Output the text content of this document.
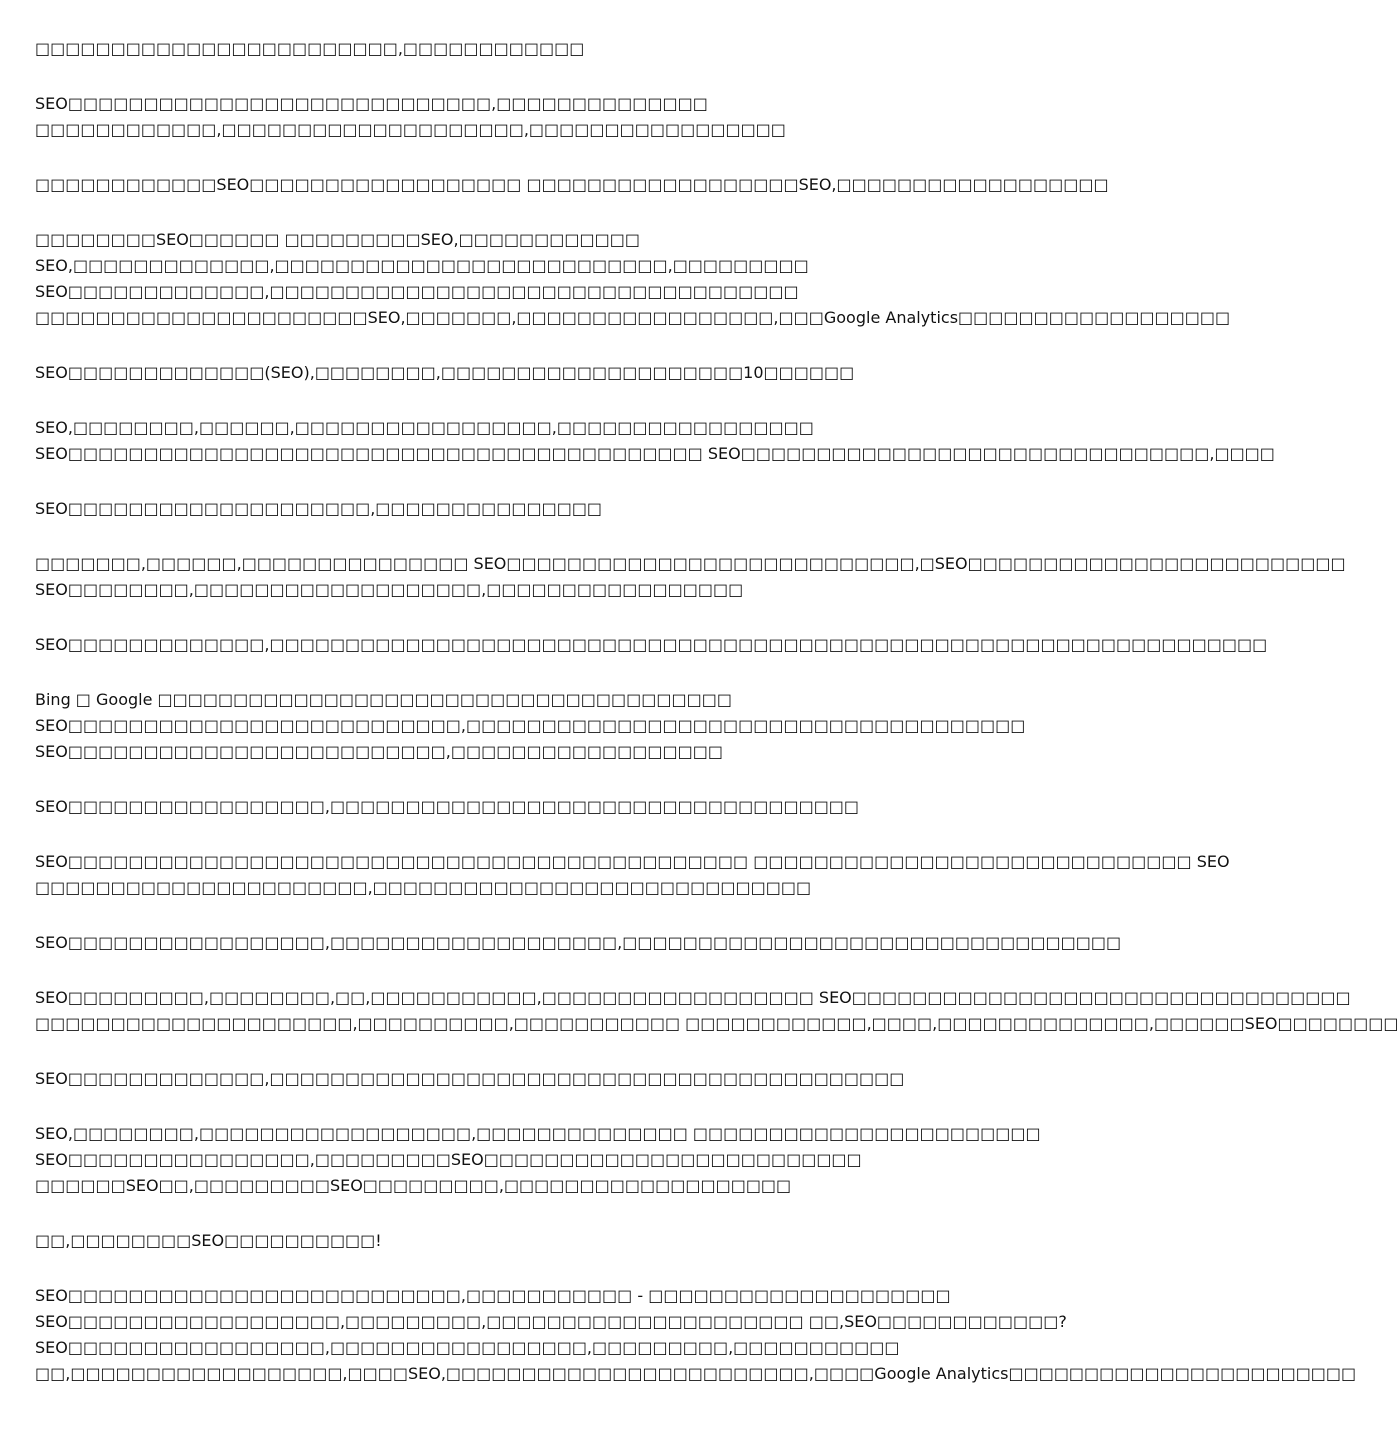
□□□□□□□□□□□□□□□□□□□□□□□□,□□□□□□□□□□□□
SEO□□□□□□□□□□□□□□□□□□□□□□□□□□□□,□□□□□□□□□□□□□□
□□□□□□□□□□□□,□□□□□□□□□□□□□□□□□□□□,□□□□□□□□□□□□□□□□□
□□□□□□□□□□□□SEO□□□□□□□□□□□□□□□□□□ □□□□□□□□□□□□□□□□□□SEO,□□□□□□□□□□□□□□□□□□
□□□□□□□□SEO□□□□□□ □□□□□□□□□SEO,□□□□□□□□□□□□
SEO,□□□□□□□□□□□□□,□□□□□□□□□□□□□□□□□□□□□□□□□□,□□□□□□□□□
SEO□□□□□□□□□□□□□,□□□□□□□□□□□□□□□□□□□□□□□□□□□□□□□□□□□
□□□□□□□□□□□□□□□□□□□□□□SEO,□□□□□□□,□□□□□□□□□□□□□□□□□,□□□Google Analytics□□□□□□□□□□□□□□□□□□
SEO□□□□□□□□□□□□□(SEO),□□□□□□□□,□□□□□□□□□□□□□□□□□□□□10□□□□□□
SEO,□□□□□□□□,□□□□□□,□□□□□□□□□□□□□□□□□,□□□□□□□□□□□□□□□□□
SEO□□□□□□□□□□□□□□□□□□□□□□□□□□□□□□□□□□□□□□□□□□ SEO□□□□□□□□□□□□□□□□□□□□□□□□□□□□□□□,□□□□
SEO□□□□□□□□□□□□□□□□□□□□,□□□□□□□□□□□□□□□
□□□□□□□,□□□□□□,□□□□□□□□□□□□□□□ SEO□□□□□□□□□□□□□□□□□□□□□□□□□□□,□SEO□□□□□□□□□□□□□□□□□□□□□□□□□
SEO□□□□□□□□,□□□□□□□□□□□□□□□□□□□,□□□□□□□□□□□□□□□□□
SEO□□□□□□□□□□□□□,□□□□□□□□□□□□□□□□□□□□□□□□□□□□□□□□□□□□□□□□□□□□□□□□□□□□□□□□□□□□□□□□□□
Bing □ Google □□□□□□□□□□□□□□□□□□□□□□□□□□□□□□□□□□□□□□
SEO□□□□□□□□□□□□□□□□□□□□□□□□□□,□□□□□□□□□□□□□□□□□□□□□□□□□□□□□□□□□□□□□
SEO□□□□□□□□□□□□□□□□□□□□□□□□□,□□□□□□□□□□□□□□□□□□
SEO□□□□□□□□□□□□□□□□□,□□□□□□□□□□□□□□□□□□□□□□□□□□□□□□□□□□□
SEO□□□□□□□□□□□□□□□□□□□□□□□□□□□□□□□□□□□□□□□□□□□□□ □□□□□□□□□□□□□□□□□□□□□□□□□□□□□ SEO
□□□□□□□□□□□□□□□□□□□□□□,□□□□□□□□□□□□□□□□□□□□□□□□□□□□□
SEO□□□□□□□□□□□□□□□□□,□□□□□□□□□□□□□□□□□□□,□□□□□□□□□□□□□□□□□□□□□□□□□□□□□□□□□
SEO□□□□□□□□□,□□□□□□□□,□□,□□□□□□□□□□□,□□□□□□□□□□□□□□□□□□ SEO□□□□□□□□□□□□□□□□□□□□□□□□□□□□□□□□□
□□□□□□□□□□□□□□□□□□□□□,□□□□□□□□□□,□□□□□□□□□□□ □□□□□□□□□□□□,□□□□,□□□□□□□□□□□□□□,□□□□□□SEO□□□□□□□□
SEO□□□□□□□□□□□□□,□□□□□□□□□□□□□□□□□□□□□□□□□□□□□□□□□□□□□□□□□□
SEO,□□□□□□□□,□□□□□□□□□□□□□□□□□□,□□□□□□□□□□□□□□ □□□□□□□□□□□□□□□□□□□□□□□
SEO□□□□□□□□□□□□□□□□,□□□□□□□□□SEO□□□□□□□□□□□□□□□□□□□□□□□□□
□□□□□□SEO□□,□□□□□□□□□SEO□□□□□□□□□,□□□□□□□□□□□□□□□□□□□
□□,□□□□□□□□SEO□□□□□□□□□□!
SEO□□□□□□□□□□□□□□□□□□□□□□□□□□,□□□□□□□□□□□ - □□□□□□□□□□□□□□□□□□□□
SEO□□□□□□□□□□□□□□□□□□,□□□□□□□□□,□□□□□□□□□□□□□□□□□□□□□ □□,SEO□□□□□□□□□□□□?
SEO□□□□□□□□□□□□□□□□□,□□□□□□□□□□□□□□□□□,□□□□□□□□□,□□□□□□□□□□□
□□,□□□□□□□□□□□□□□□□□□,□□□□SEO,□□□□□□□□□□□□□□□□□□□□□□□□,□□□□Google Analytics□□□□□□□□□□□□□□□□□□□□□□□
